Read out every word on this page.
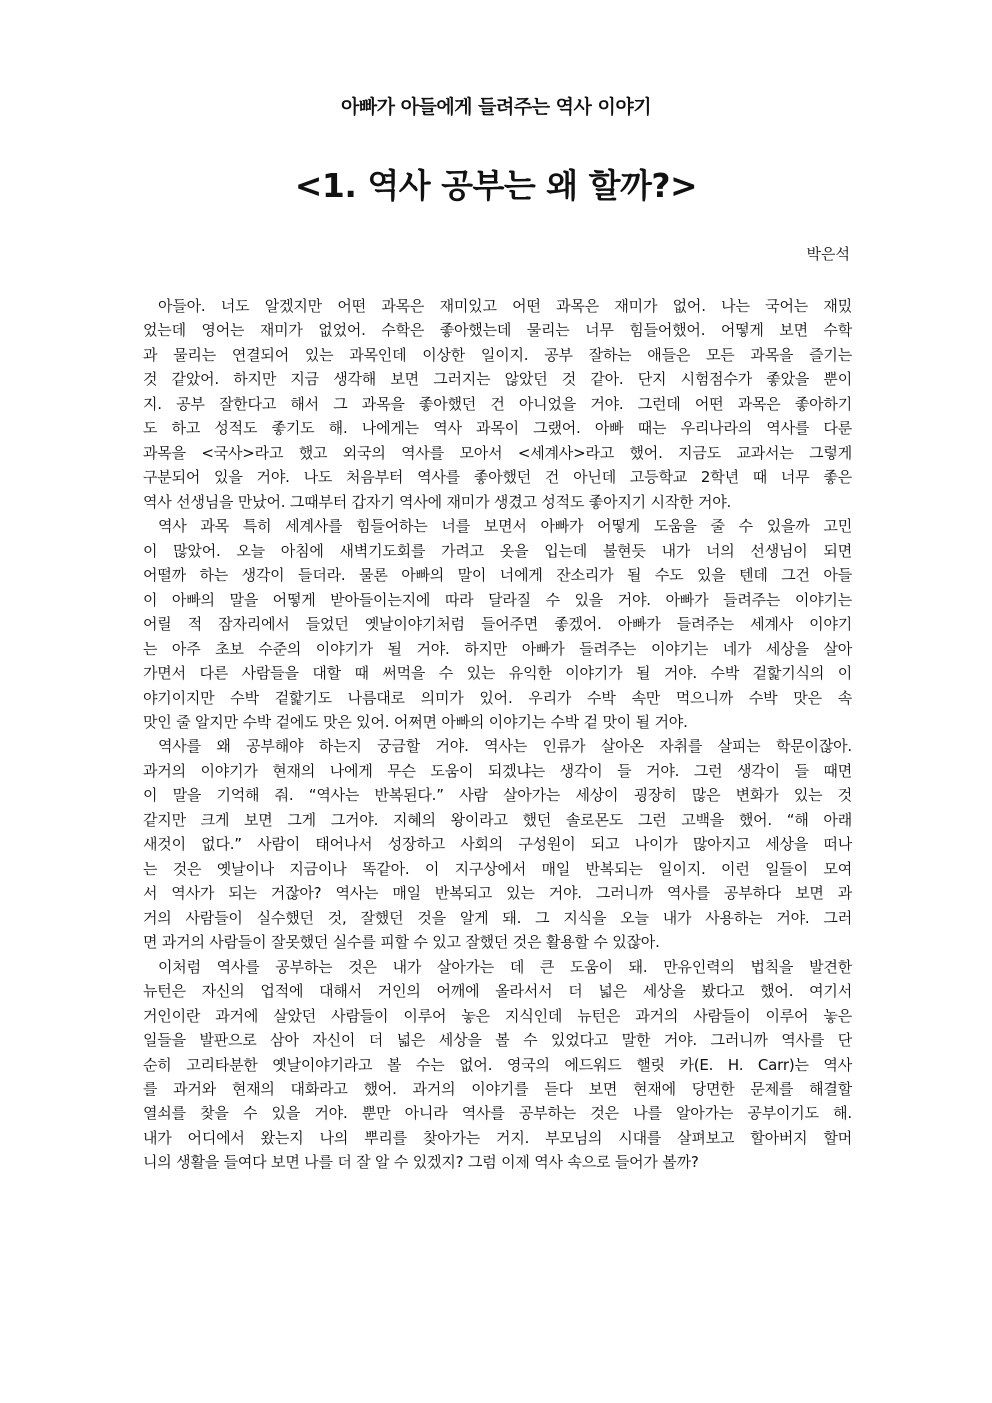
아빠가 아들에게 들려주는 역사 이야기
<1. 역사 공부는 왜 할까?>
박은석
아들아. 너도 알겠지만 어떤 과목은 재미있고 어떤 과목은 재미가 없어. 나는 국어는 재밌
었는데 영어는 재미가 없었어. 수학은 좋아했는데 물리는 너무 힘들어했어. 어떻게 보면 수학
과 물리는 연결되어 있는 과목인데 이상한 일이지. 공부 잘하는 애들은 모든 과목을 즐기는
것 같았어. 하지만 지금 생각해 보면 그러지는 않았던 것 같아. 단지 시험점수가 좋았을 뿐이
지. 공부 잘한다고 해서 그 과목을 좋아했던 건 아니었을 거야. 그런데 어떤 과목은 좋아하기
도 하고 성적도 좋기도 해. 나에게는 역사 과목이 그랬어. 아빠 때는 우리나라의 역사를 다룬
과목을 <국사>라고 했고 외국의 역사를 모아서 <세계사>라고 했어. 지금도 교과서는 그렇게
구분되어 있을 거야. 나도 처음부터 역사를 좋아했던 건 아닌데 고등학교 2학년 때 너무 좋은
역사 선생님을 만났어. 그때부터 갑자기 역사에 재미가 생겼고 성적도 좋아지기 시작한 거야.
역사 과목 특히 세계사를 힘들어하는 너를 보면서 아빠가 어떻게 도움을 줄 수 있을까 고민
이 많았어. 오늘 아침에 새벽기도회를 가려고 옷을 입는데 불현듯 내가 너의 선생님이 되면
어떨까 하는 생각이 들더라. 물론 아빠의 말이 너에게 잔소리가 될 수도 있을 텐데 그건 아들
이 아빠의 말을 어떻게 받아들이는지에 따라 달라질 수 있을 거야. 아빠가 들려주는 이야기는
어릴 적 잠자리에서 들었던 옛날이야기처럼 들어주면 좋겠어. 아빠가 들려주는 세계사 이야기
는 아주 초보 수준의 이야기가 될 거야. 하지만 아빠가 들려주는 이야기는 네가 세상을 살아
가면서 다른 사람들을 대할 때 써먹을 수 있는 유익한 이야기가 될 거야. 수박 겉핥기식의 이
야기이지만 수박 겉핥기도 나름대로 의미가 있어. 우리가 수박 속만 먹으니까 수박 맛은 속
맛인 줄 알지만 수박 겉에도 맛은 있어. 어쩌면 아빠의 이야기는 수박 겉 맛이 될 거야.
역사를 왜 공부해야 하는지 궁금할 거야. 역사는 인류가 살아온 자취를 살피는 학문이잖아.
과거의 이야기가 현재의 나에게 무슨 도움이 되겠냐는 생각이 들 거야. 그런 생각이 들 때면
이 말을 기억해 줘. “역사는 반복된다.” 사람 살아가는 세상이 굉장히 많은 변화가 있는 것
같지만 크게 보면 그게 그거야. 지혜의 왕이라고 했던 솔로몬도 그런 고백을 했어. “해 아래
새것이 없다.” 사람이 태어나서 성장하고 사회의 구성원이 되고 나이가 많아지고 세상을 떠나
는 것은 옛날이나 지금이나 똑같아. 이 지구상에서 매일 반복되는 일이지. 이런 일들이 모여
서 역사가 되는 거잖아? 역사는 매일 반복되고 있는 거야. 그러니까 역사를 공부하다 보면 과
거의 사람들이 실수했던 것, 잘했던 것을 알게 돼. 그 지식을 오늘 내가 사용하는 거야. 그러
면 과거의 사람들이 잘못했던 실수를 피할 수 있고 잘했던 것은 활용할 수 있잖아.
이처럼 역사를 공부하는 것은 내가 살아가는 데 큰 도움이 돼. 만유인력의 법칙을 발견한
뉴턴은 자신의 업적에 대해서 거인의 어깨에 올라서서 더 넓은 세상을 봤다고 했어. 여기서
거인이란 과거에 살았던 사람들이 이루어 놓은 지식인데 뉴턴은 과거의 사람들이 이루어 놓은
일들을 발판으로 삼아 자신이 더 넓은 세상을 볼 수 있었다고 말한 거야. 그러니까 역사를 단
순히 고리타분한 옛날이야기라고 볼 수는 없어. 영국의 에드워드 핼릿 카(E. H. Carr)는 역사
를 과거와 현재의 대화라고 했어. 과거의 이야기를 듣다 보면 현재에 당면한 문제를 해결할
열쇠를 찾을 수 있을 거야. 뿐만 아니라 역사를 공부하는 것은 나를 알아가는 공부이기도 해.
내가 어디에서 왔는지 나의 뿌리를 찾아가는 거지. 부모님의 시대를 살펴보고 할아버지 할머
니의 생활을 들여다 보면 나를 더 잘 알 수 있겠지? 그럼 이제 역사 속으로 들어가 볼까?
